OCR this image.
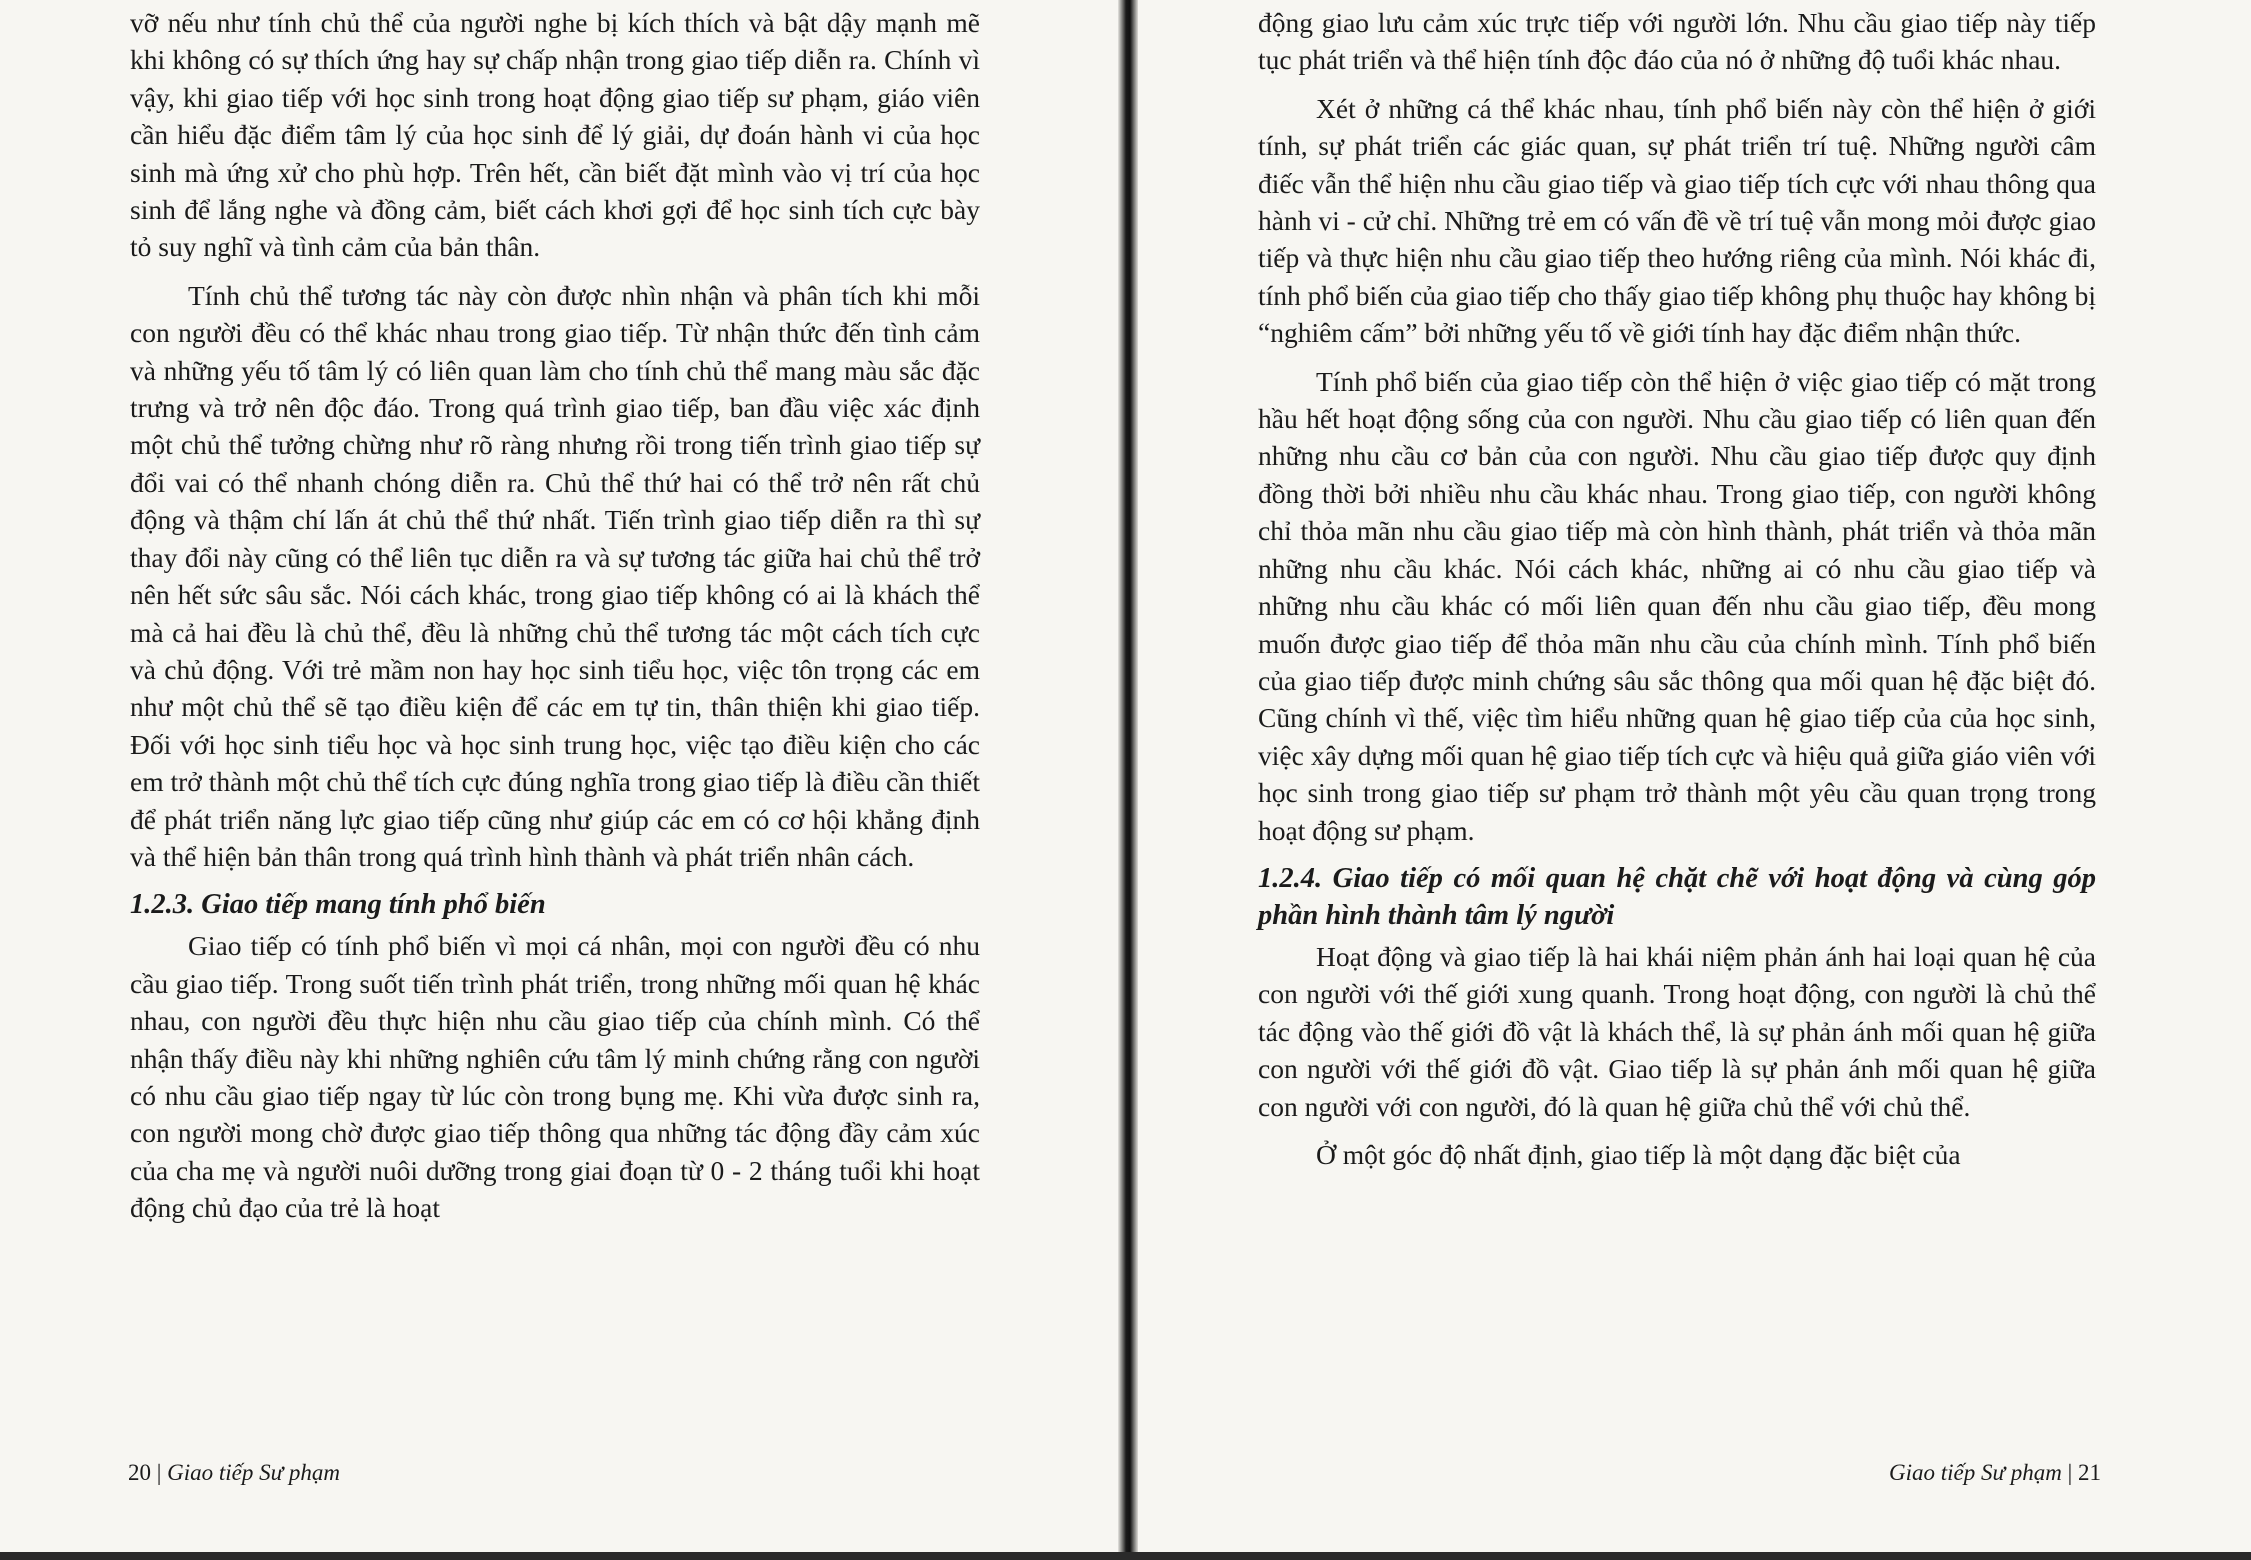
vỡ nếu như tính chủ thể của người nghe bị kích thích và bật dậy mạnh mẽ khi không có sự thích ứng hay sự chấp nhận trong giao tiếp diễn ra. Chính vì vậy, khi giao tiếp với học sinh trong hoạt động giao tiếp sư phạm, giáo viên cần hiểu đặc điểm tâm lý của học sinh để lý giải, dự đoán hành vi của học sinh mà ứng xử cho phù hợp. Trên hết, cần biết đặt mình vào vị trí của học sinh để lắng nghe và đồng cảm, biết cách khơi gợi để học sinh tích cực bày tỏ suy nghĩ và tình cảm của bản thân.

Tính chủ thể tương tác này còn được nhìn nhận và phân tích khi mỗi con người đều có thể khác nhau trong giao tiếp. Từ nhận thức đến tình cảm và những yếu tố tâm lý có liên quan làm cho tính chủ thể mang màu sắc đặc trưng và trở nên độc đáo. Trong quá trình giao tiếp, ban đầu việc xác định một chủ thể tưởng chừng như rõ ràng nhưng rồi trong tiến trình giao tiếp sự đổi vai có thể nhanh chóng diễn ra. Chủ thể thứ hai có thể trở nên rất chủ động và thậm chí lấn át chủ thể thứ nhất. Tiến trình giao tiếp diễn ra thì sự thay đổi này cũng có thể liên tục diễn ra và sự tương tác giữa hai chủ thể trở nên hết sức sâu sắc. Nói cách khác, trong giao tiếp không có ai là khách thể mà cả hai đều là chủ thể, đều là những chủ thể tương tác một cách tích cực và chủ động. Với trẻ mầm non hay học sinh tiểu học, việc tôn trọng các em như một chủ thể sẽ tạo điều kiện để các em tự tin, thân thiện khi giao tiếp. Đối với học sinh tiểu học và học sinh trung học, việc tạo điều kiện cho các em trở thành một chủ thể tích cực đúng nghĩa trong giao tiếp là điều cần thiết để phát triển năng lực giao tiếp cũng như giúp các em có cơ hội khẳng định và thể hiện bản thân trong quá trình hình thành và phát triển nhân cách.

1.2.3. Giao tiếp mang tính phổ biến

Giao tiếp có tính phổ biến vì mọi cá nhân, mọi con người đều có nhu cầu giao tiếp. Trong suốt tiến trình phát triển, trong những mối quan hệ khác nhau, con người đều thực hiện nhu cầu giao tiếp của chính mình. Có thể nhận thấy điều này khi những nghiên cứu tâm lý minh chứng rằng con người có nhu cầu giao tiếp ngay từ lúc còn trong bụng mẹ. Khi vừa được sinh ra, con người mong chờ được giao tiếp thông qua những tác động đầy cảm xúc của cha mẹ và người nuôi dưỡng trong giai đoạn từ 0 - 2 tháng tuổi khi hoạt động chủ đạo của trẻ là hoạt

20 | Giao tiếp Sư phạm

động giao lưu cảm xúc trực tiếp với người lớn. Nhu cầu giao tiếp này tiếp tục phát triển và thể hiện tính độc đáo của nó ở những độ tuổi khác nhau.

Xét ở những cá thể khác nhau, tính phổ biến này còn thể hiện ở giới tính, sự phát triển các giác quan, sự phát triển trí tuệ. Những người câm điếc vẫn thể hiện nhu cầu giao tiếp và giao tiếp tích cực với nhau thông qua hành vi - cử chỉ. Những trẻ em có vấn đề về trí tuệ vẫn mong mỏi được giao tiếp và thực hiện nhu cầu giao tiếp theo hướng riêng của mình. Nói khác đi, tính phổ biến của giao tiếp cho thấy giao tiếp không phụ thuộc hay không bị “nghiêm cấm” bởi những yếu tố về giới tính hay đặc điểm nhận thức.

Tính phổ biến của giao tiếp còn thể hiện ở việc giao tiếp có mặt trong hầu hết hoạt động sống của con người. Nhu cầu giao tiếp có liên quan đến những nhu cầu cơ bản của con người. Nhu cầu giao tiếp được quy định đồng thời bởi nhiều nhu cầu khác nhau. Trong giao tiếp, con người không chỉ thỏa mãn nhu cầu giao tiếp mà còn hình thành, phát triển và thỏa mãn những nhu cầu khác. Nói cách khác, những ai có nhu cầu giao tiếp và những nhu cầu khác có mối liên quan đến nhu cầu giao tiếp, đều mong muốn được giao tiếp để thỏa mãn nhu cầu của chính mình. Tính phổ biến của giao tiếp được minh chứng sâu sắc thông qua mối quan hệ đặc biệt đó. Cũng chính vì thế, việc tìm hiểu những quan hệ giao tiếp của của học sinh, việc xây dựng mối quan hệ giao tiếp tích cực và hiệu quả giữa giáo viên với học sinh trong giao tiếp sư phạm trở thành một yêu cầu quan trọng trong hoạt động sư phạm.

1.2.4. Giao tiếp có mối quan hệ chặt chẽ với hoạt động và cùng góp phần hình thành tâm lý người

Hoạt động và giao tiếp là hai khái niệm phản ánh hai loại quan hệ của con người với thế giới xung quanh. Trong hoạt động, con người là chủ thể tác động vào thế giới đồ vật là khách thể, là sự phản ánh mối quan hệ giữa con người với thế giới đồ vật. Giao tiếp là sự phản ánh mối quan hệ giữa con người với con người, đó là quan hệ giữa chủ thể với chủ thể.

Ở một góc độ nhất định, giao tiếp là một dạng đặc biệt của

Giao tiếp Sư phạm | 21
